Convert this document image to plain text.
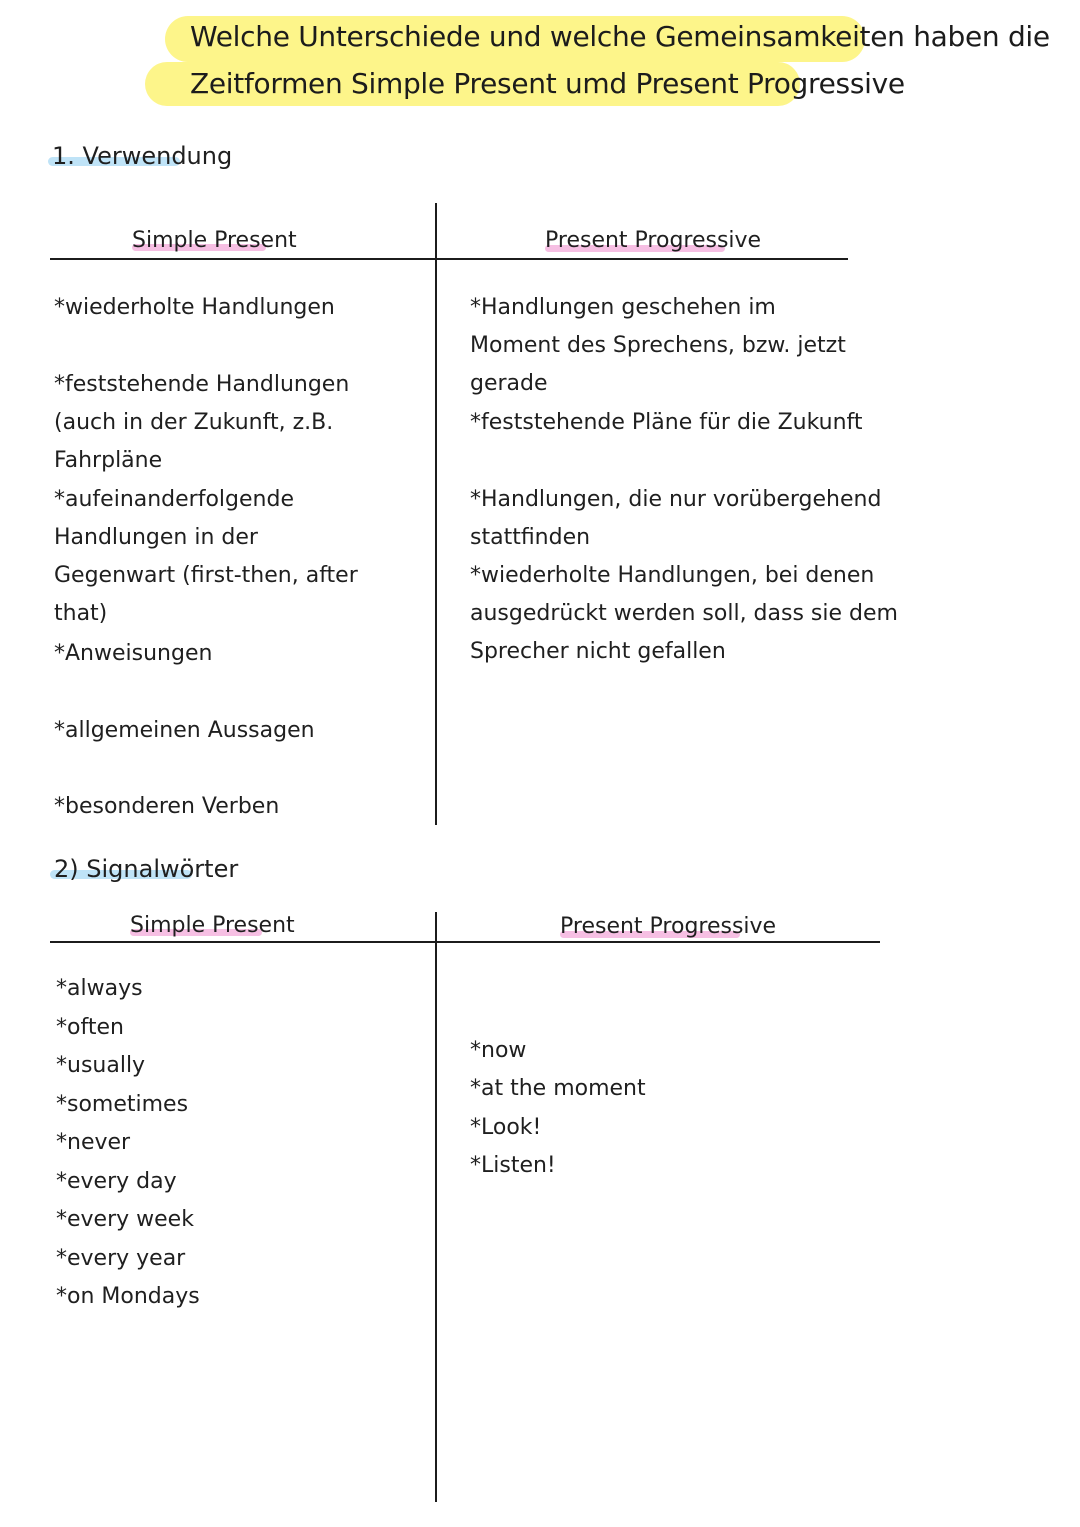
Welche Unterschiede und welche Gemeinsamkeiten haben die
Zeitformen Simple Present umd Present Progressive
1. Verwendung
Simple Present	Present Progressive
*wiederholte Handlungen
*feststehende Handlungen (auch in der Zukunft, z.B. Fahrpläne
*aufeinanderfolgende Handlungen in der Gegenwart (first-then, after that)
*Anweisungen
*allgemeinen Aussagen
*besonderen Verben
*Handlungen geschehen im Moment des Sprechens, bzw. jetzt gerade
*feststehende Pläne für die Zukunft
*Handlungen, die nur vorübergehend stattfinden
*wiederholte Handlungen, bei denen ausgedrückt werden soll, dass sie dem Sprecher nicht gefallen
2) Signalwörter
Simple Present	Present Progressive
*always
*often
*usually
*sometimes
*never
*every day
*every week
*every year
*on Mondays
*now
*at the moment
*Look!
*Listen!
